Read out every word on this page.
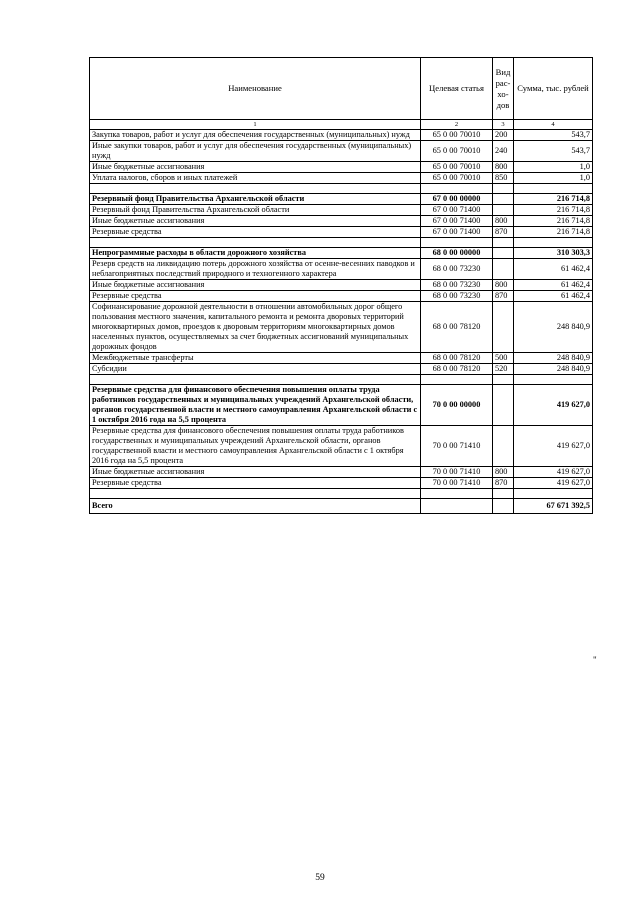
Наименование	Целевая статья	Вид рас-хо-дов	Сумма, тыс. рублей
1	2	3	4
Закупка товаров, работ и услуг для обеспечения государственных (муниципальных) нужд	65 0 00 70010	200	543,7
Иные закупки товаров, работ и услуг для обеспечения государственных (муниципальных) нужд	65 0 00 70010	240	543,7
Иные бюджетные ассигнования	65 0 00 70010	800	1,0
Уплата налогов, сборов и иных платежей	65 0 00 70010	850	1,0

Резервный фонд Правительства Архангельской области	67 0 00 00000		216 714,8
Резервный фонд Правительства Архангельской области	67 0 00 71400		216 714,8
Иные бюджетные ассигнования	67 0 00 71400	800	216 714,8
Резервные средства	67 0 00 71400	870	216 714,8

Непрограммные расходы в области дорожного хозяйства	68 0 00 00000		310 303,3
Резерв средств на ликвидацию потерь дорожного хозяйства от осенне-весенних паводков и неблагоприятных последствий природного и техногенного характера	68 0 00 73230		61 462,4
Иные бюджетные ассигнования	68 0 00 73230	800	61 462,4
Резервные средства	68 0 00 73230	870	61 462,4
Софинансирование дорожной деятельности в отношении автомобильных дорог общего пользования местного значения, капитального ремонта и ремонта дворовых территорий многоквартирных домов, проездов к дворовым территориям многоквартирных домов населенных пунктов, осуществляемых за счет бюджетных ассигнований муниципальных дорожных фондов	68 0 00 78120		248 840,9
Межбюджетные трансферты	68 0 00 78120	500	248 840,9
Субсидии	68 0 00 78120	520	248 840,9

Резервные средства для финансового обеспечения повышения оплаты труда работников государственных и муниципальных учреждений Архангельской области, органов государственной власти и местного самоуправления Архангельской области с 1 октября 2016 года на 5,5 процента	70 0 00 00000		419 627,0
Резервные средства для финансового обеспечения повышения оплаты труда работников государственных и муниципальных учреждений Архангельской области, органов государственной власти и местного самоуправления Архангельской области с 1 октября 2016 года на 5,5 процента	70 0 00 71410		419 627,0
Иные бюджетные ассигнования	70 0 00 71410	800	419 627,0
Резервные средства	70 0 00 71410	870	419 627,0

Всего			67 671 392,5
"
59
